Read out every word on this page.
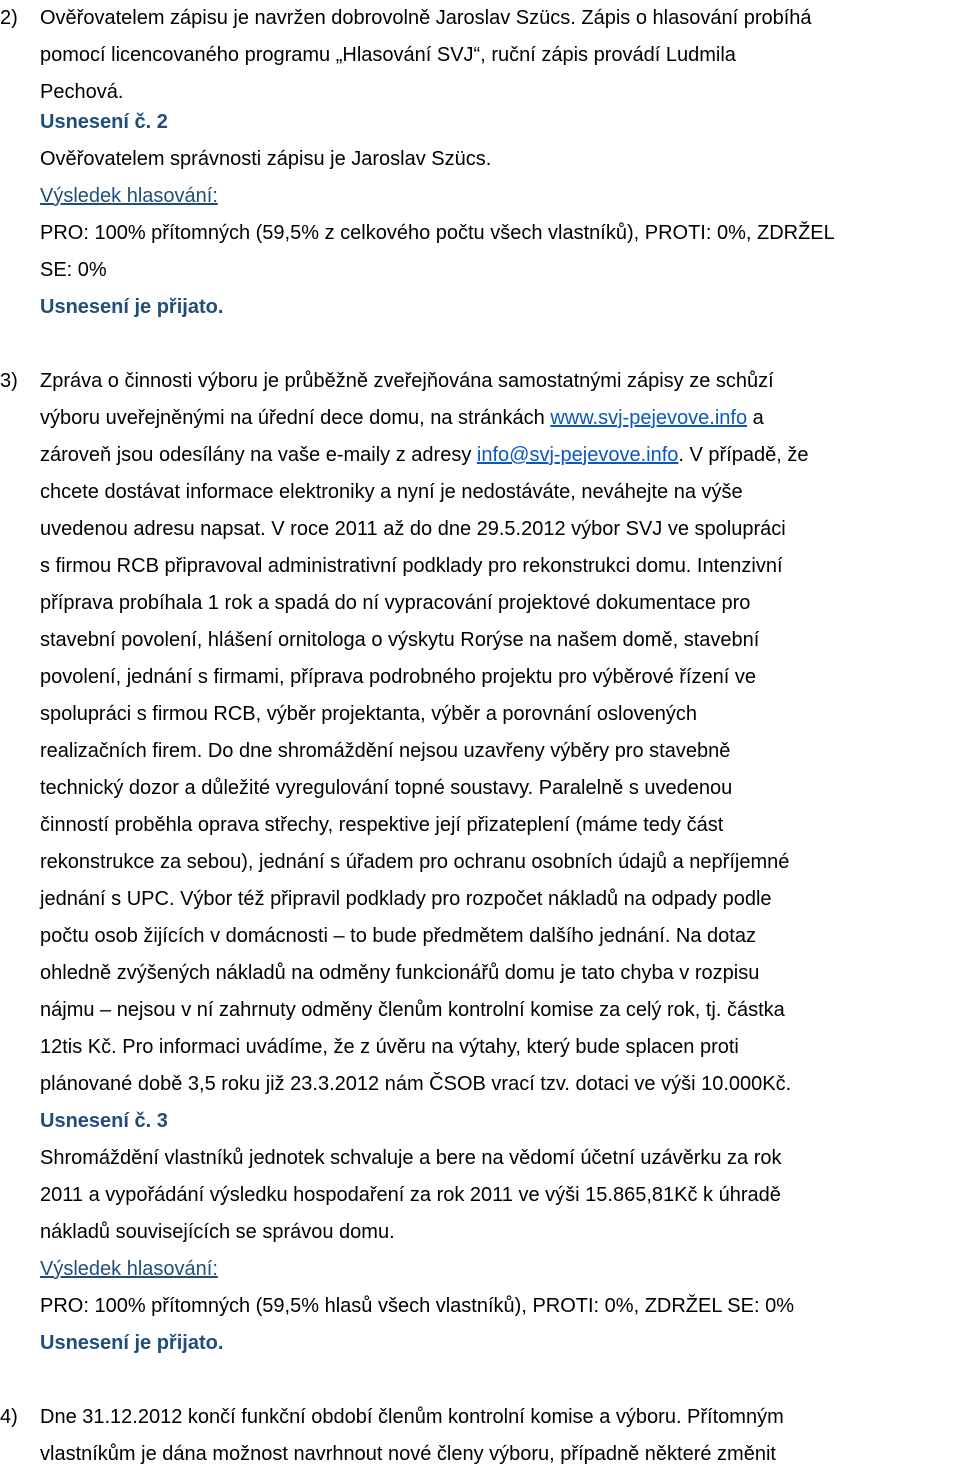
2)	Ověřovatelem zápisu je navržen dobrovolně Jaroslav Szücs. Zápis o hlasování probíhá
pomocí licencovaného programu „Hlasování SVJ“, ruční zápis provádí Ludmila
Pechová.
Usnesení č. 2
Ověřovatelem správnosti zápisu je Jaroslav Szücs.
Výsledek hlasování:
PRO: 100% přítomných (59,5% z celkového počtu všech vlastníků), PROTI: 0%, ZDRŽEL
SE: 0%
Usnesení je přijato.
3)	Zpráva o činnosti výboru je průběžně zveřejňována samostatnými zápisy ze schůzí
výboru uveřejněnými na úřední dece domu, na stránkách www.svj-pejevove.info a
zároveň jsou odesílány na vaše e-maily z adresy info@svj-pejevove.info. V případě, že
chcete dostávat informace elektroniky a nyní je nedostáváte, neváhejte na výše
uvedenou adresu napsat. V roce 2011 až do dne 29.5.2012 výbor SVJ ve spolupráci
s firmou RCB připravoval administrativní podklady pro rekonstrukci domu. Intenzivní
příprava probíhala 1 rok a spadá do ní vypracování projektové dokumentace pro
stavební povolení, hlášení ornitologa o výskytu Rorýse na našem domě, stavební
povolení, jednání s firmami, příprava podrobného projektu pro výběrové řízení ve
spolupráci s firmou RCB, výběr projektanta, výběr a porovnání oslovených
realizačních firem. Do dne shromáždění nejsou uzavřeny výběry pro stavebně
technický dozor a důležité vyregulování topné soustavy. Paralelně s uvedenou
činností proběhla oprava střechy, respektive její přizateplení (máme tedy část
rekonstrukce za sebou), jednání s úřadem pro ochranu osobních údajů a nepříjemné
jednání s UPC. Výbor též připravil podklady pro rozpočet nákladů na odpady podle
počtu osob žijících v domácnosti – to bude předmětem dalšího jednání. Na dotaz
ohledně zvýšených nákladů na odměny funkcionářů domu je tato chyba v rozpisu
nájmu – nejsou v ní zahrnuty odměny členům kontrolní komise za celý rok, tj. částka
12tis Kč. Pro informaci uvádíme, že z úvěru na výtahy, který bude splacen proti
plánované době 3,5 roku již 23.3.2012 nám ČSOB vrací tzv. dotaci ve výši 10.000Kč.
Usnesení č. 3
Shromáždění vlastníků jednotek schvaluje a bere na vědomí účetní uzávěrku za rok
2011 a vypořádání výsledku hospodaření za rok 2011 ve výši 15.865,81Kč k úhradě
nákladů souvisejících se správou domu.
Výsledek hlasování:
PRO: 100% přítomných (59,5% hlasů všech vlastníků), PROTI: 0%, ZDRŽEL SE: 0%
Usnesení je přijato.
4)	Dne 31.12.2012 končí funkční období členům kontrolní komise a výboru. Přítomným
vlastníkům je dána možnost navrhnout nové členy výboru, případně některé změnit
